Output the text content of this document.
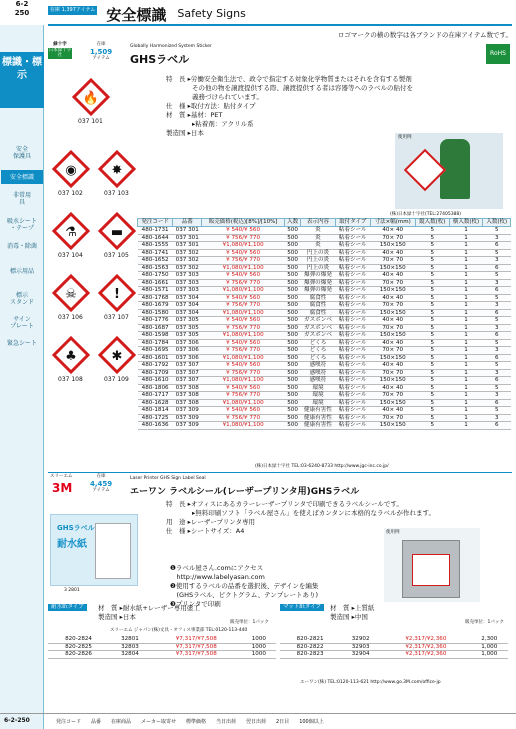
6-2
250
標識・標示
安全
保護具
安全標識
非常用
具
吸水シート
・テープ
消毒・除菌
標示用品
標示
スタンド
サイン
プレート
緊急シート
在庫 1,397アイテム 安全標識 Safety Signs
ロゴマークの横の数字は各ブランドの在庫アイテム数です。
緑十字
日本緑十字社
在庫
1,509
アイテム
Globally Harmonized System Sticker
GHSラベル	RoHS
特　長 ▸労働安全衛生法で、政令で指定する対象化学物質またはそれを含有する製剤
　　　　その他の物を譲渡提供する際、譲渡提供する者は容器等へのラベルの貼付を
　　　　義務づけられています。
仕　様 ▸取付方法：貼付タイプ
材　質 ▸基材：PET
　　　　▸粘着剤：アクリル系
製造国 ▸日本
🔥
037 101
◉
037 102
✸
037 103
⚗
037 104
▬
037 105
☠
037 106
!
037 107
♣
037 108
✱
037 109
使用例
(株)日本緑十字社(TEL:27405388)
発注コード	品番	販売価格(税込)[8%]/[10%]	入数	表示内容	取付タイプ	寸法×幅(mm)	縦入数(枚)	横入数(枚)	入数(枚)
480-1731	037 301	¥ 540/¥ 560	500	炎	粘着シール	40× 40	5	1	5
480-1644	037 301	¥ 756/¥ 770	500	炎	粘着シール	70× 70	5	1	3
480-1555	037 301	¥1,080/¥1,100	500	炎	粘着シール	150×150	5	1	6
480-1741	037 302	¥ 540/¥ 560	500	円上の炎	粘着シール	40× 40	5	1	5
480-1652	037 302	¥ 756/¥ 770	500	円上の炎	粘着シール	70× 70	5	1	3
480-1563	037 302	¥1,080/¥1,100	500	円上の炎	粘着シール	150×150	5	1	6
480-1750	037 303	¥ 540/¥ 560	500	爆弾の爆発	粘着シール	40× 40	5	1	5
480-1661	037 303	¥ 756/¥ 770	500	爆弾の爆発	粘着シール	70× 70	5	1	3
480-1571	037 303	¥1,080/¥1,100	500	爆弾の爆発	粘着シール	150×150	5	1	6
480-1768	037 304	¥ 540/¥ 560	500	腐食性	粘着シール	40× 40	5	1	5
480-1679	037 304	¥ 756/¥ 770	500	腐食性	粘着シール	70× 70	5	1	3
480-1580	037 304	¥1,080/¥1,100	500	腐食性	粘着シール	150×150	5	1	6
480-1776	037 305	¥ 540/¥ 560	500	ガスボンベ	粘着シール	40× 40	5	1	5
480-1687	037 305	¥ 756/¥ 770	500	ガスボンベ	粘着シール	70× 70	5	1	3
480-1598	037 305	¥1,080/¥1,100	500	ガスボンベ	粘着シール	150×150	5	1	6
480-1784	037 306	¥ 540/¥ 560	500	どくろ	粘着シール	40× 40	5	1	5
480-1695	037 306	¥ 756/¥ 770	500	どくろ	粘着シール	70× 70	5	1	3
480-1601	037 306	¥1,080/¥1,100	500	どくろ	粘着シール	150×150	5	1	6
480-1792	037 307	¥ 540/¥ 560	500	感嘆符	粘着シール	40× 40	5	1	5
480-1709	037 307	¥ 756/¥ 770	500	感嘆符	粘着シール	70× 70	5	1	3
480-1610	037 307	¥1,080/¥1,100	500	感嘆符	粘着シール	150×150	5	1	6
480-1806	037 308	¥ 540/¥ 560	500	環境	粘着シール	40× 40	5	1	5
480-1717	037 308	¥ 756/¥ 770	500	環境	粘着シール	70× 70	5	1	3
480-1628	037 308	¥1,080/¥1,100	500	環境	粘着シール	150×150	5	1	6
480-1814	037 309	¥ 540/¥ 560	500	健康有害性	粘着シール	40× 40	5	1	5
480-1725	037 309	¥ 756/¥ 770	500	健康有害性	粘着シール	70× 70	5	1	3
480-1636	037 309	¥1,080/¥1,100	500	健康有害性	粘着シール	150×150	5	1	6
(株)日本緑十字社 TEL:03-6240-8733 http://www.jgc-inc.co.jp/
スリーエム
3M
在庫
4,459
アイテム
Laser Printer GHS Sign Label Seal
エーワン ラベルシール(レーザープリンタ用)GHSラベル
特　長 ▸オフィスにあるカラーレーザープリンタで印刷できるラベルシールです。
　　　　▸無料印刷ソフト「ラベル屋さん」を使えばカンタンに本格的なラベルが作れます。
用　途 ▸レーザープリンタ専用
仕　様 ▸シートサイズ：A4
GHSラベル
耐水紙
3 2801
❶ラベル屋さん.comにアクセス
　http://www.labelyasan.com
❷使用するラベルの品番を選択後、デザインを編集
　(GHSラベル、ピクトグラム、テンプレートあり)
❸プリンタで印刷
使用例
耐水紙タイプ	材　質 ▸耐水紙+レーザー専用塗工
製造国 ▸日本
販売単位：1パック
マット紙タイプ	材　質 ▸上質紙
製造国 ▸中国
販売単位：1パック
スリーエム ジャパン(株)文具・オフィス事業部 TEL:0120-113-440
820-2824	32801	¥7,317/¥7,508	1000
820-2825	32803	¥7,317/¥7,508	1000
820-2826	32804	¥7,317/¥7,508	1000
820-2821	32902	¥2,317/¥2,360	2,300
820-2822	32903	¥2,317/¥2,360	1,000
820-2823	32904	¥2,317/¥2,360	1,000
エーワン(株) TEL:0120-113-621 http://www.go.3M.com/office-jp
6-2-250	発注コード 品番 在庫商品 メーカー取寄せ 標準価格 当日出荷 翌日出荷 2日目 100個以上
